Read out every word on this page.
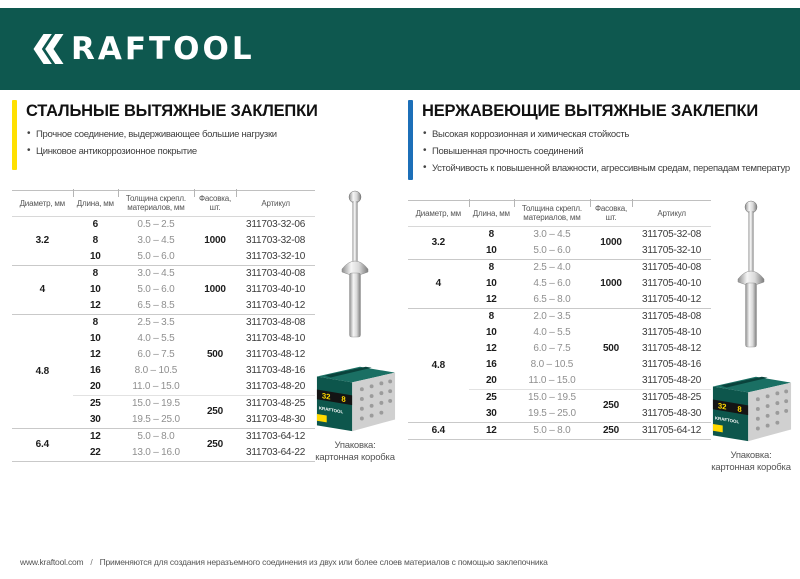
RAFTOOL
СТАЛЬНЫЕ ВЫТЯЖНЫЕ ЗАКЛЕПКИ
• Прочное соединение, выдерживающее большие нагрузки
• Цинковое антикоррозионное покрытие
Диаметр, мм	Длина, мм	Толщина скрепл. материалов, мм	Фасовка, шт.	Артикул
3.2	6	0.5 – 2.5	1000	311703-32-06
	8	3.0 – 4.5		311703-32-08
	10	5.0 – 6.0		311703-32-10
4	8	3.0 – 4.5	1000	311703-40-08
	10	5.0 – 6.0		311703-40-10
	12	6.5 – 8.5		311703-40-12
4.8	8	2.5 – 3.5	500	311703-48-08
	10	4.0 – 5.5		311703-48-10
	12	6.0 – 7.5		311703-48-12
	16	8.0 – 10.5		311703-48-16
	20	11.0 – 15.0		311703-48-20
	25	15.0 – 19.5	250	311703-48-25
	30	19.5 – 25.0		311703-48-30
6.4	12	5.0 – 8.0	250	311703-64-12
	22	13.0 – 16.0		311703-64-22
32 8
KRAFTOOL
Упаковка:
картонная коробка
НЕРЖАВЕЮЩИЕ ВЫТЯЖНЫЕ ЗАКЛЕПКИ
• Высокая коррозионная и химическая стойкость
• Повышенная прочность соединений
• Устойчивость к повышенной влажности, агрессивным средам, перепадам температур
Диаметр, мм	Длина, мм	Толщина скрепл. материалов, мм	Фасовка, шт.	Артикул
3.2	8	3.0 – 4.5	1000	311705-32-08
	10	5.0 – 6.0		311705-32-10
4	8	2.5 – 4.0	1000	311705-40-08
	10	4.5 – 6.0		311705-40-10
	12	6.5 – 8.0		311705-40-12
4.8	8	2.0 – 3.5	500	311705-48-08
	10	4.0 – 5.5		311705-48-10
	12	6.0 – 7.5		311705-48-12
	16	8.0 – 10.5		311705-48-16
	20	11.0 – 15.0		311705-48-20
	25	15.0 – 19.5	250	311705-48-25
	30	19.5 – 25.0		311705-48-30
6.4	12	5.0 – 8.0	250	311705-64-12
32 8
KRAFTOOL
Упаковка:
картонная коробка
www.kraftool.com / Применяются для создания неразъемного соединения из двух или более слоев материалов с помощью заклепочника
